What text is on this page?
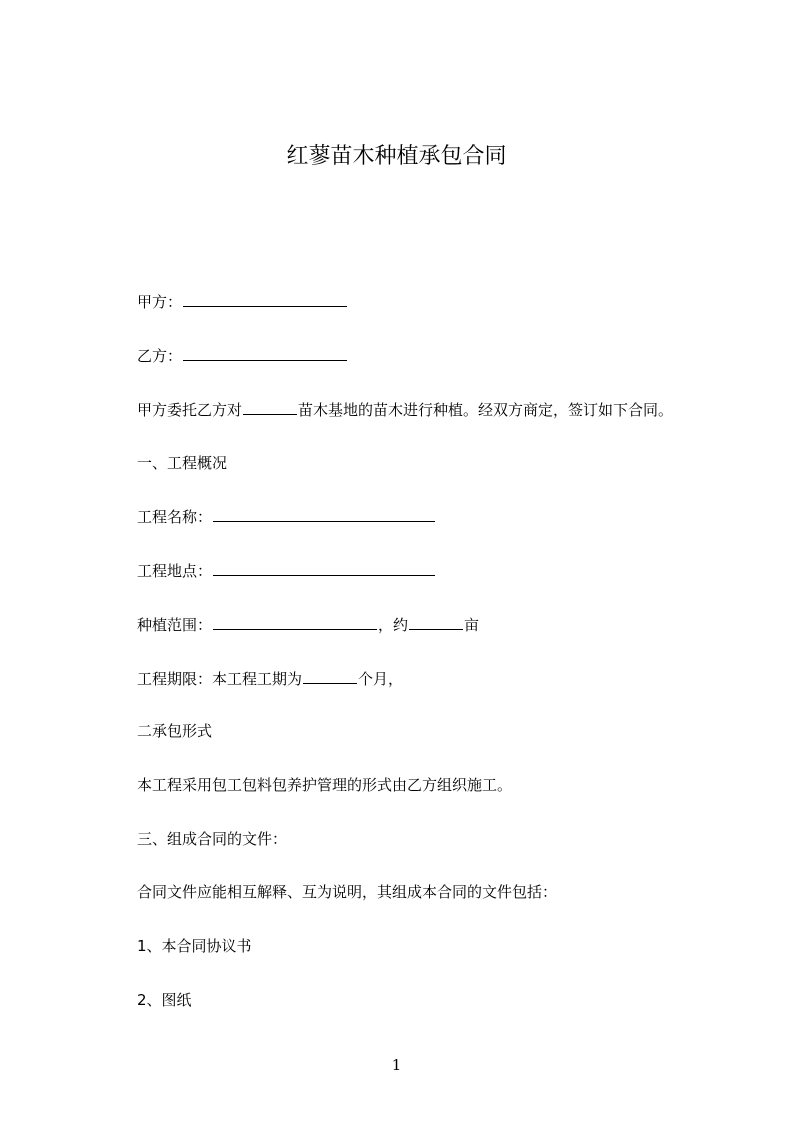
红蓼苗木种植承包合同
甲方：
乙方：
甲方委托乙方对	苗木基地的苗木进行种植。经双方商定，签订如下合同。
一、工程概况
工程名称：
工程地点：
种植范围：	，约	亩
工程期限：本工程工期为	个月，
二承包形式
本工程采用包工包料包养护管理的形式由乙方组织施工。
三、组成合同的文件：
合同文件应能相互解释、互为说明，其组成本合同的文件包括：
1、本合同协议书
2、图纸
1
